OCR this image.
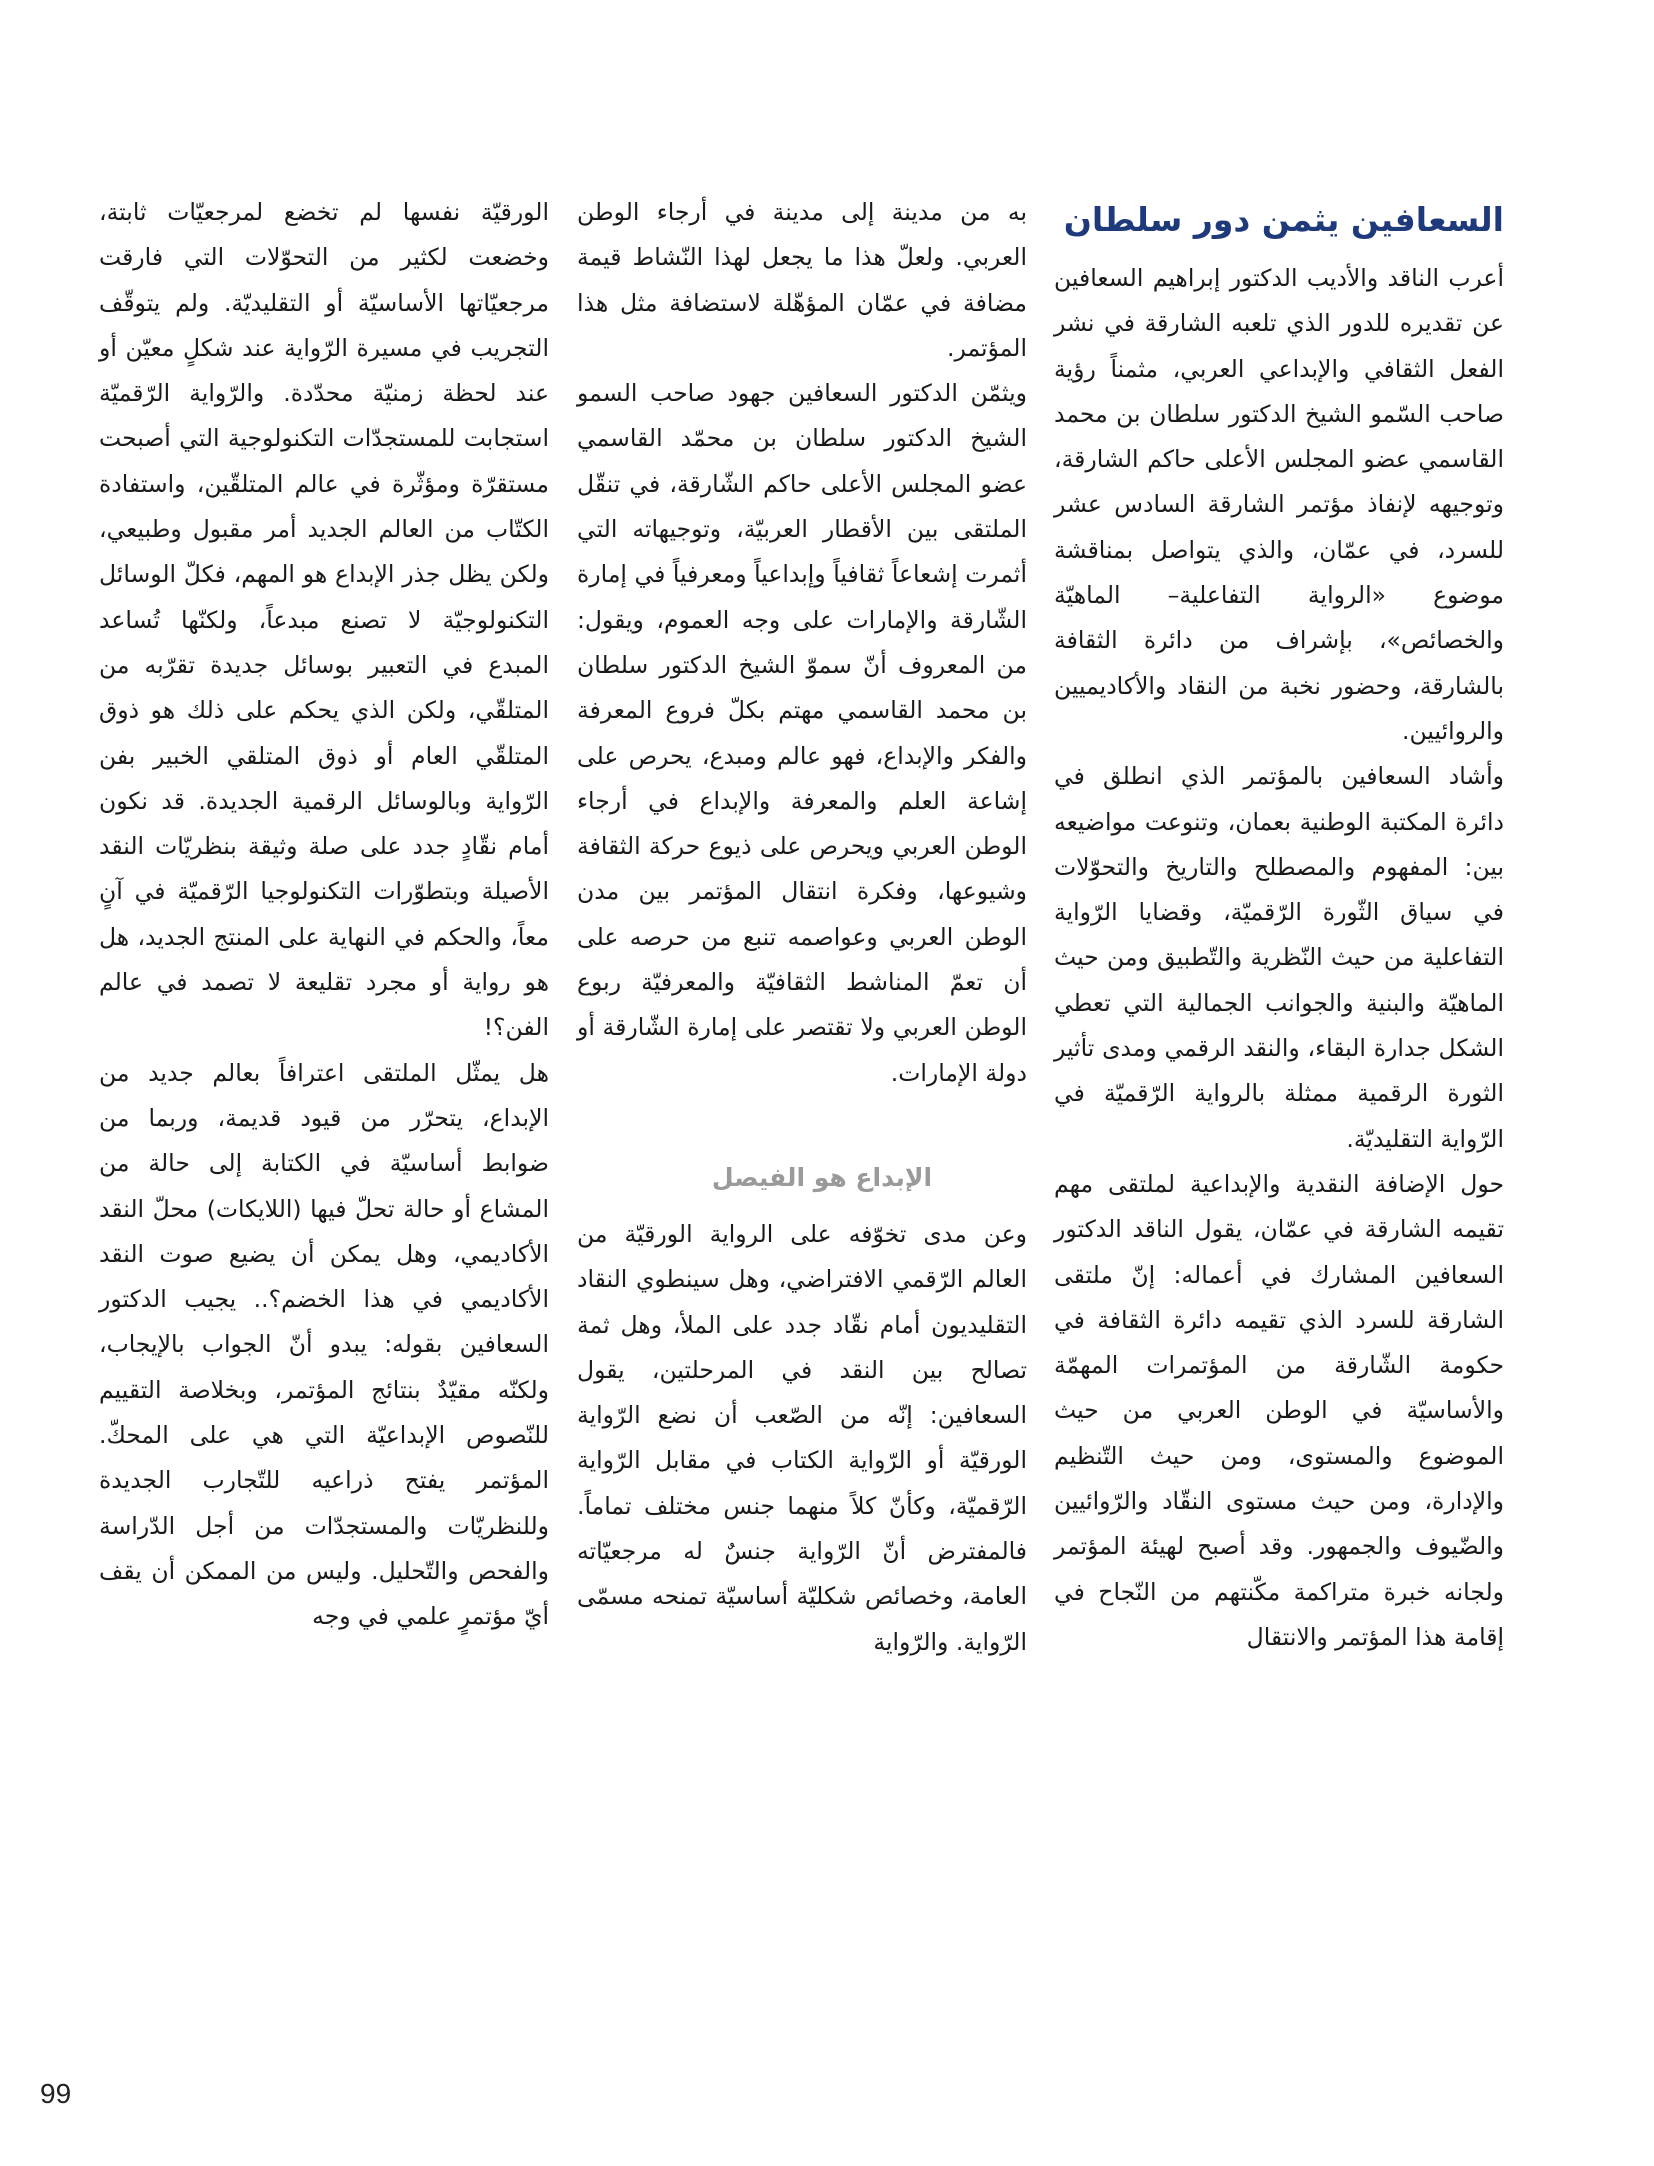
السعافين يثمن دور سلطان

أعرب الناقد والأديب الدكتور إبراهيم السعافين عن تقديره للدور الذي تلعبه الشارقة في نشر الفعل الثقافي والإبداعي العربي، مثمناً رؤية صاحب السّمو الشيخ الدكتور سلطان بن محمد القاسمي عضو المجلس الأعلى حاكم الشارقة، وتوجيهه لإنفاذ مؤتمر الشارقة السادس عشر للسرد، في عمّان، والذي يتواصل بمناقشة موضوع «الرواية التفاعلية– الماهيّة والخصائص»، بإشراف من دائرة الثقافة بالشارقة، وحضور نخبة من النقاد والأكاديميين والروائيين.

وأشاد السعافين بالمؤتمر الذي انطلق في دائرة المكتبة الوطنية بعمان، وتنوعت مواضيعه بين: المفهوم والمصطلح والتاريخ والتحوّلات في سياق الثّورة الرّقميّة، وقضايا الرّواية التفاعلية من حيث النّظرية والتّطبيق ومن حيث الماهيّة والبنية والجوانب الجمالية التي تعطي الشكل جدارة البقاء، والنقد الرقمي ومدى تأثير الثورة الرقمية ممثلة بالرواية الرّقميّة في الرّواية التقليديّة.

حول الإضافة النقدية والإبداعية لملتقى مهم تقيمه الشارقة في عمّان، يقول الناقد الدكتور السعافين المشارك في أعماله: إنّ ملتقى الشارقة للسرد الذي تقيمه دائرة الثقافة في حكومة الشّارقة من المؤتمرات المهمّة والأساسيّة في الوطن العربي من حيث الموضوع والمستوى، ومن حيث التّنظيم والإدارة، ومن حيث مستوى النقّاد والرّوائيين والضّيوف والجمهور. وقد أصبح لهيئة المؤتمر ولجانه خبرة متراكمة مكّنتهم من النّجاح في إقامة هذا المؤتمر والانتقال

به من مدينة إلى مدينة في أرجاء الوطن العربي. ولعلّ هذا ما يجعل لهذا النّشاط قيمة مضافة في عمّان المؤهّلة لاستضافة مثل هذا المؤتمر.

ويثمّن الدكتور السعافين جهود صاحب السمو الشيخ الدكتور سلطان بن محمّد القاسمي عضو المجلس الأعلى حاكم الشّارقة، في تنقّل الملتقى بين الأقطار العربيّة، وتوجيهاته التي أثمرت إشعاعاً ثقافياً وإبداعياً ومعرفياً في إمارة الشّارقة والإمارات على وجه العموم، ويقول: من المعروف أنّ سموّ الشيخ الدكتور سلطان بن محمد القاسمي مهتم بكلّ فروع المعرفة والفكر والإبداع، فهو عالم ومبدع، يحرص على إشاعة العلم والمعرفة والإبداع في أرجاء الوطن العربي ويحرص على ذيوع حركة الثقافة وشيوعها، وفكرة انتقال المؤتمر بين مدن الوطن العربي وعواصمه تنبع من حرصه على أن تعمّ المناشط الثقافيّة والمعرفيّة ربوع الوطن العربي ولا تقتصر على إمارة الشّارقة أو دولة الإمارات.

الإبداع هو الفيصل

وعن مدى تخوّفه على الرواية الورقيّة من العالم الرّقمي الافتراضي، وهل سينطوي النقاد التقليديون أمام نقّاد جدد على الملأ، وهل ثمة تصالح بين النقد في المرحلتين، يقول السعافين: إنّه من الصّعب أن نضع الرّواية الورقيّة أو الرّواية الكتاب في مقابل الرّواية الرّقميّة، وكأنّ كلاً منهما جنس مختلف تماماً. فالمفترض أنّ الرّواية جنسٌ له مرجعيّاته العامة، وخصائص شكليّة أساسيّة تمنحه مسمّى الرّواية. والرّواية

الورقيّة نفسها لم تخضع لمرجعيّات ثابتة، وخضعت لكثير من التحوّلات التي فارقت مرجعيّاتها الأساسيّة أو التقليديّة. ولم يتوقّف التجريب في مسيرة الرّواية عند شكلٍ معيّن أو عند لحظة زمنيّة محدّدة. والرّواية الرّقميّة استجابت للمستجدّات التكنولوجية التي أصبحت مستقرّة ومؤثّرة في عالم المتلقّين، واستفادة الكتّاب من العالم الجديد أمر مقبول وطبيعي، ولكن يظل جذر الإبداع هو المهم، فكلّ الوسائل التكنولوجيّة لا تصنع مبدعاً، ولكنّها تُساعد المبدع في التعبير بوسائل جديدة تقرّبه من المتلقّي، ولكن الذي يحكم على ذلك هو ذوق المتلقّي العام أو ذوق المتلقي الخبير بفن الرّواية وبالوسائل الرقمية الجديدة. قد نكون أمام نقّادٍ جدد على صلة وثيقة بنظريّات النقد الأصيلة وبتطوّرات التكنولوجيا الرّقميّة في آنٍ معاً، والحكم في النهاية على المنتج الجديد، هل هو رواية أو مجرد تقليعة لا تصمد في عالم الفن؟!

هل يمثّل الملتقى اعترافاً بعالم جديد من الإبداع، يتحرّر من قيود قديمة، وربما من ضوابط أساسيّة في الكتابة إلى حالة من المشاع أو حالة تحلّ فيها (اللايكات) محلّ النقد الأكاديمي، وهل يمكن أن يضيع صوت النقد الأكاديمي في هذا الخضم؟.. يجيب الدكتور السعافين بقوله: يبدو أنّ الجواب بالإيجاب، ولكنّه مقيّدٌ بنتائج المؤتمر، وبخلاصة التقييم للنّصوص الإبداعيّة التي هي على المحكّ. المؤتمر يفتح ذراعيه للتّجارب الجديدة وللنظريّات والمستجدّات من أجل الدّراسة والفحص والتّحليل. وليس من الممكن أن يقف أيّ مؤتمرٍ علمي في وجه

99
